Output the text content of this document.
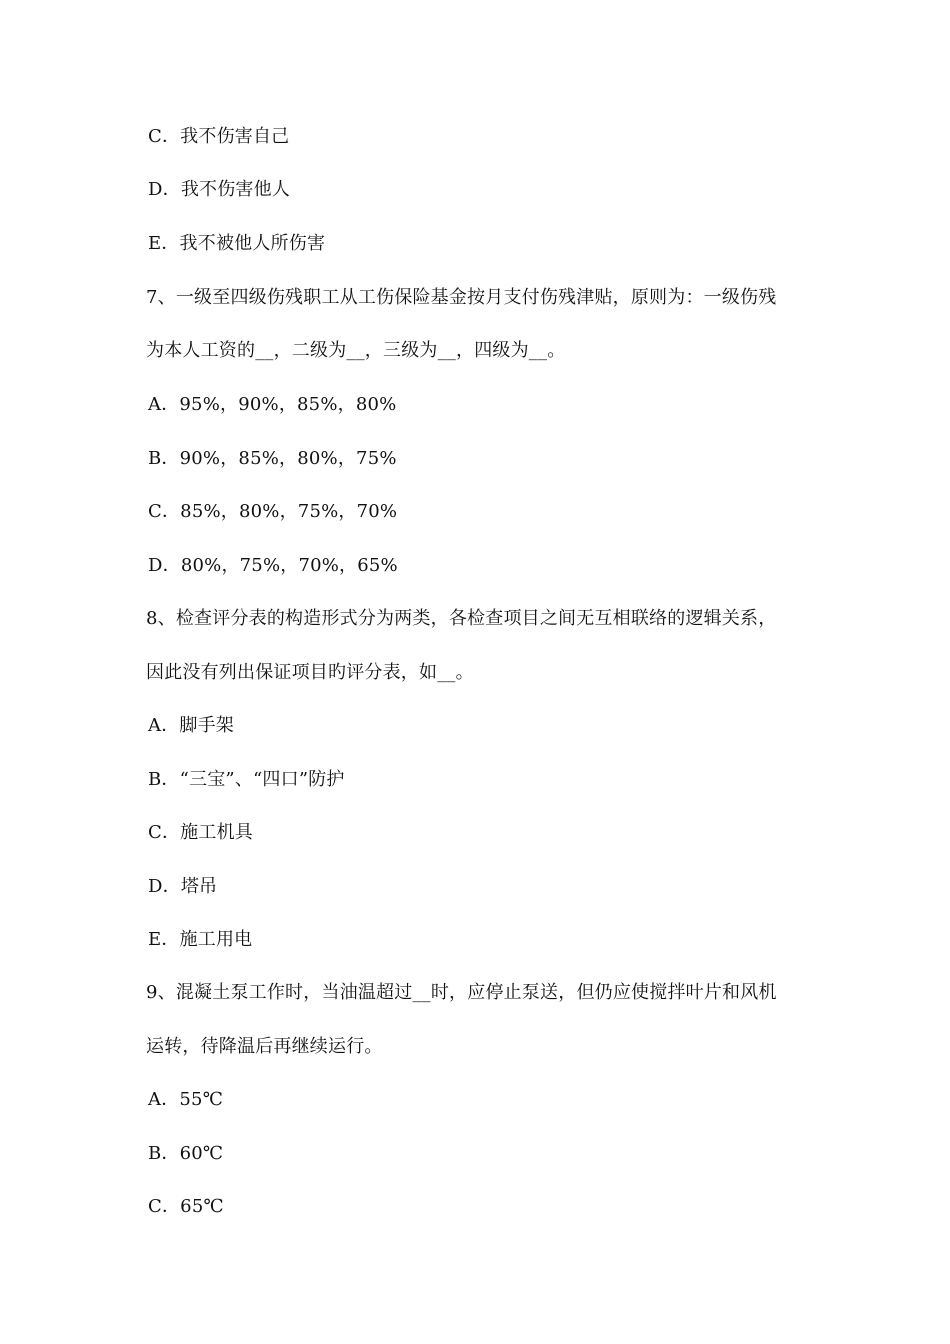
C．我不伤害自己
D．我不伤害他人
E．我不被他人所伤害
7、一级至四级伤残职工从工伤保险基金按月支付伤残津贴，原则为：一级伤残
为本人工资的__，二级为__，三级为__，四级为__。
A．95%，90%，85%，80%
B．90%，85%，80%，75%
C．85%，80%，75%，70%
D．80%，75%，70%，65%
8、检查评分表的构造形式分为两类，各检查项目之间无互相联络的逻辑关系，
因此没有列出保证项目旳评分表，如__。
A．脚手架
B．“三宝”、“四口”防护
C．施工机具
D．塔吊
E．施工用电
9、混凝土泵工作时，当油温超过__时，应停止泵送，但仍应使搅拌叶片和风机
运转，待降温后再继续运行。
A．55℃
B．60℃
C．65℃
